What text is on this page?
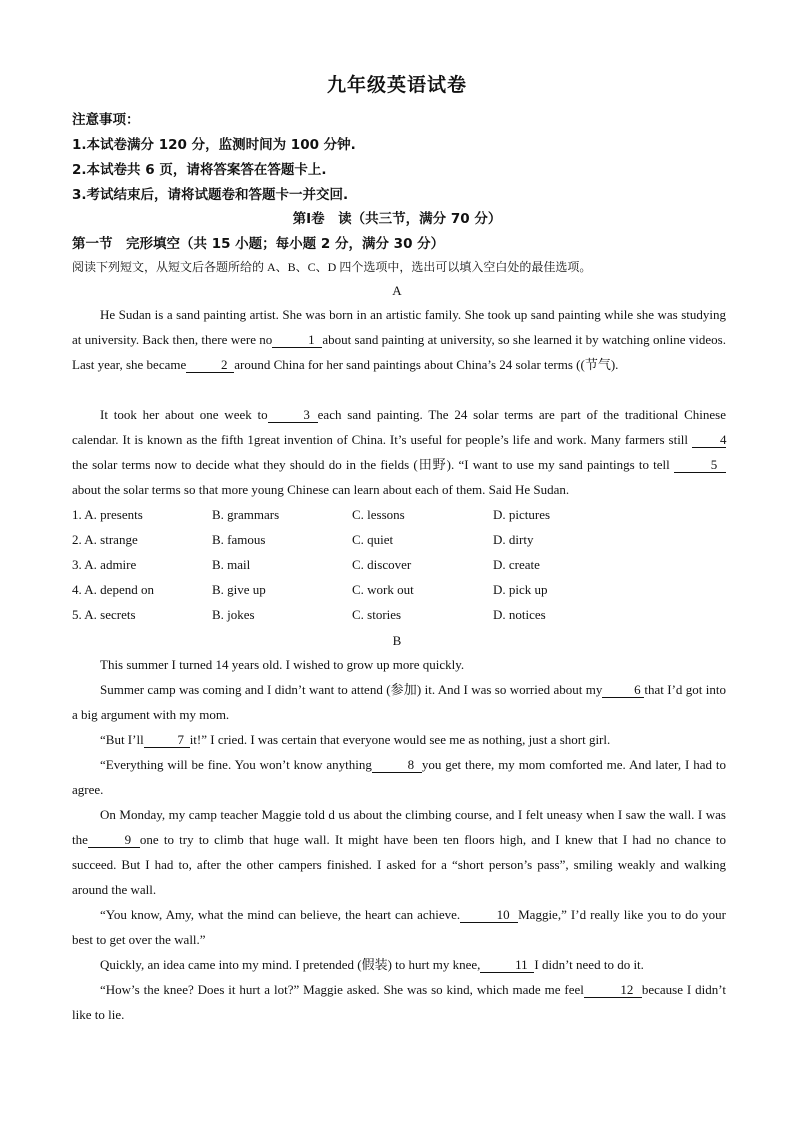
九年级英语试卷
注意事项：
1.本试卷满分 120 分，监测时间为 100 分钟.
2.本试卷共 6 页，请将答案答在答题卡上.
3.考试结束后，请将试题卷和答题卡一并交回.
第Ⅰ卷　读（共三节，满分 70 分）
第一节　完形填空（共 15 小题；每小题 2 分，满分 30 分）
阅读下列短文，从短文后各题所给的 A、B、C、D 四个选项中，选出可以填入空白处的最佳选项。
A

He Sudan is a sand painting artist. She was born in an artistic family. She took up sand painting while she was studying at university. Back then, there were no	1 about sand painting at university, so she learned it by watching online videos. Last year, she became	2 around China for her sand paintings about China’s 24 solar terms ((节气).

It took her about one week to	3 each sand painting. The 24 solar terms are part of the traditional Chinese calendar. It is known as the fifth 1great invention of China. It’s useful for people’s life and work. Many farmers still 4the solar terms now to decide what they should do in the fields (田野). “I want to use my sand paintings to tell	5about the solar terms so that more young Chinese can learn about each of them. Said He Sudan.

1. A. presents	B. grammars	C. lessons	D. pictures
2. A. strange	B. famous	C. quiet	D. dirty
3. A. admire	B. mail	C. discover	D. create
4. A. depend on	B. give up	C. work out	D. pick up
5. A. secrets	B. jokes	C. stories	D. notices
B

This summer I turned 14 years old. I wished to grow up more quickly.

Summer camp was coming and I didn’t want to attend (参加) it. And I was so worried about my 6 that I’d got into a big argument with my mom.

“But I’ll	7 it!” I cried. I was certain that everyone would see me as nothing, just a short girl.

“Everything will be fine. You won’t know anything	8 you get there, my mom comforted me. And later, I had to agree.

On Monday, my camp teacher Maggie told d us about the climbing course, and I felt uneasy when I saw the wall. I was the	9 one to try to climb that huge wall. It might have been ten floors high, and I knew that I had no chance to succeed. But I had to, after the other campers finished. I asked for a “short person’s pass”, smiling weakly and walking around the wall.

“You know, Amy, what the mind can believe, the heart can achieve.	10 Maggie,” I’d really like you to do your best to get over the wall.”

Quickly, an idea came into my mind. I pretended (假装) to hurt my knee,	11 I didn’t need to do it.

“How’s the knee? Does it hurt a lot?” Maggie asked. She was so kind, which made me feel	12 because I didn’t like to lie.
